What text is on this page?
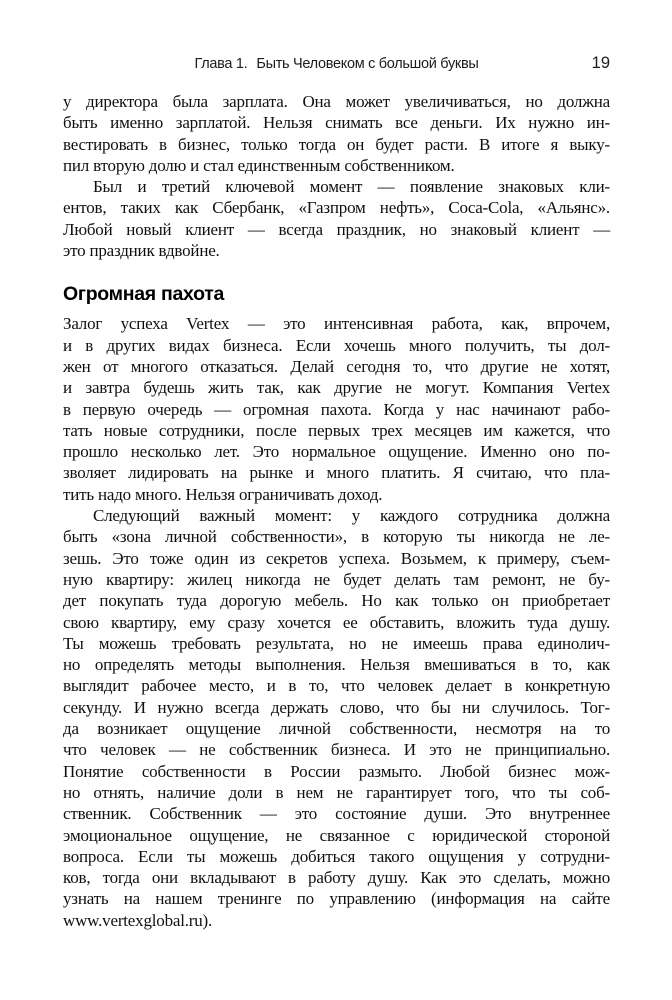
Глава 1. Быть Человеком с большой буквы	19

у директора была зарплата. Она может увеличиваться, но должна
быть именно зарплатой. Нельзя снимать все деньги. Их нужно ин-
вестировать в бизнес, только тогда он будет расти. В итоге я выку-
пил вторую долю и стал единственным собственником.

Был и третий ключевой момент — появление знаковых кли-
ентов, таких как Сбербанк, «Газпром нефть», Coca-Cola, «Альянс».
Любой новый клиент — всегда праздник, но знаковый клиент —
это праздник вдвойне.

Огромная пахота

Залог успеха Vertex — это интенсивная работа, как, впрочем,
и в других видах бизнеса. Если хочешь много получить, ты дол-
жен от многого отказаться. Делай сегодня то, что другие не хотят,
и завтра будешь жить так, как другие не могут. Компания Vertex
в первую очередь — огромная пахота. Когда у нас начинают рабо-
тать новые сотрудники, после первых трех месяцев им кажется, что
прошло несколько лет. Это нормальное ощущение. Именно оно по-
зволяет лидировать на рынке и много платить. Я считаю, что пла-
тить надо много. Нельзя ограничивать доход.

Следующий важный момент: у каждого сотрудника должна
быть «зона личной собственности», в которую ты никогда не ле-
зешь. Это тоже один из секретов успеха. Возьмем, к примеру, съем-
ную квартиру: жилец никогда не будет делать там ремонт, не бу-
дет покупать туда дорогую мебель. Но как только он приобретает
свою квартиру, ему сразу хочется ее обставить, вложить туда душу.
Ты можешь требовать результата, но не имеешь права единолич-
но определять методы выполнения. Нельзя вмешиваться в то, как
выглядит рабочее место, и в то, что человек делает в конкретную
секунду. И нужно всегда держать слово, что бы ни случилось. Тог-
да возникает ощущение личной собственности, несмотря на то
что человек — не собственник бизнеса. И это не принципиально.
Понятие собственности в России размыто. Любой бизнес мож-
но отнять, наличие доли в нем не гарантирует того, что ты соб-
ственник. Собственник — это состояние души. Это внутреннее
эмоциональное ощущение, не связанное с юридической стороной
вопроса. Если ты можешь добиться такого ощущения у сотрудни-
ков, тогда они вкладывают в работу душу. Как это сделать, можно
узнать на нашем тренинге по управлению (информация на сайте
www.vertexglobal.ru).
